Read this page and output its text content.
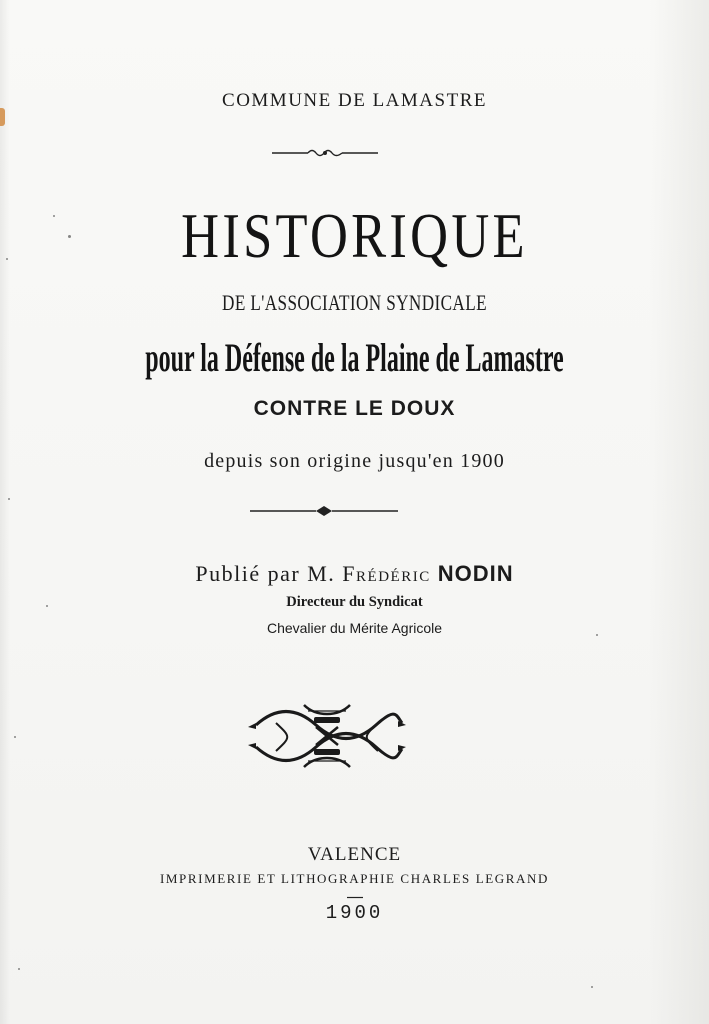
COMMUNE DE LAMASTRE

HISTORIQUE

DE L'ASSOCIATION SYNDICALE

pour la Défense de la Plaine de Lamastre

CONTRE LE DOUX

depuis son origine jusqu'en 1900

Publié par M. Frédéric NODIN

Directeur du Syndicat

Chevalier du Mérite Agricole

VALENCE

IMPRIMERIE ET LITHOGRAPHIE CHARLES LEGRAND

1900
